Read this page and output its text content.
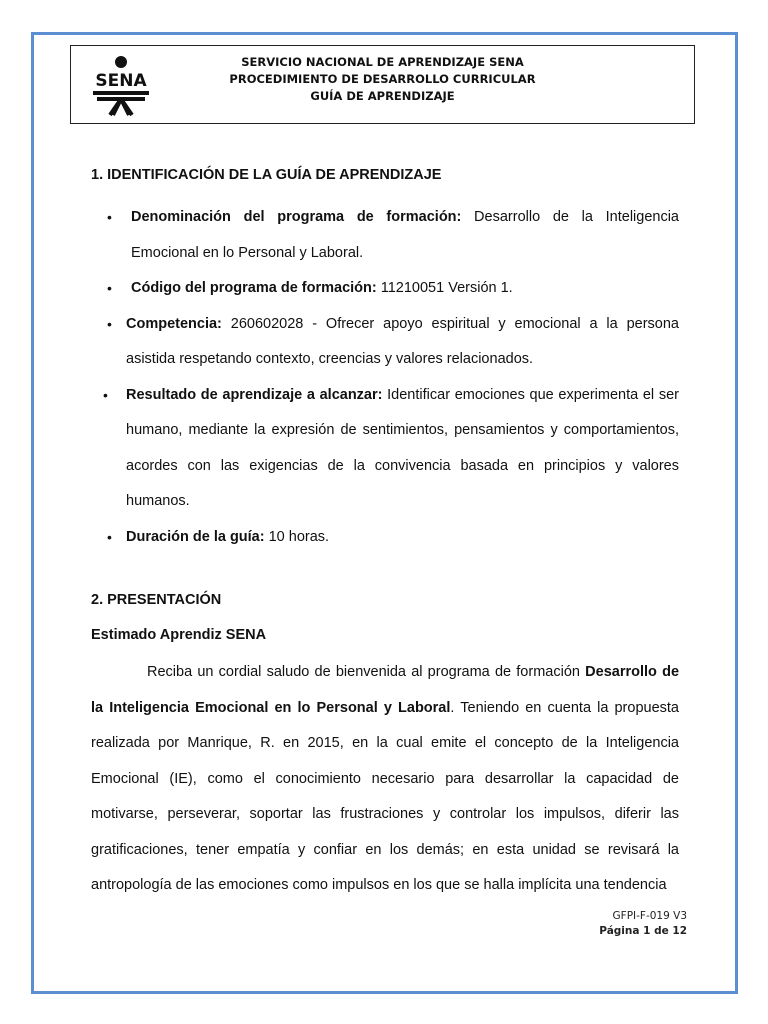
SENA
SERVICIO NACIONAL DE APRENDIZAJE SENA
PROCEDIMIENTO DE DESARROLLO CURRICULAR
GUÍA DE APRENDIZAJE
1. IDENTIFICACIÓN DE LA GUÍA DE APRENDIZAJE
• Denominación del programa de formación: Desarrollo de la Inteligencia Emocional en lo Personal y Laboral.
• Código del programa de formación: 11210051 Versión 1.
• Competencia: 260602028 - Ofrecer apoyo espiritual y emocional a la persona asistida respetando contexto, creencias y valores relacionados.
• Resultado de aprendizaje a alcanzar: Identificar emociones que experimenta el ser humano, mediante la expresión de sentimientos, pensamientos y comportamientos, acordes con las exigencias de la convivencia basada en principios y valores humanos.
• Duración de la guía: 10 horas.
2. PRESENTACIÓN
Estimado Aprendiz SENA

Reciba un cordial saludo de bienvenida al programa de formación Desarrollo de la Inteligencia Emocional en lo Personal y Laboral. Teniendo en cuenta la propuesta realizada por Manrique, R. en 2015, en la cual emite el concepto de la Inteligencia Emocional (IE), como el conocimiento necesario para desarrollar la capacidad de motivarse, perseverar, soportar las frustraciones y controlar los impulsos, diferir las gratificaciones, tener empatía y confiar en los demás; en esta unidad se revisará la antropología de las emociones como impulsos en los que se halla implícita una tendencia

GFPI-F-019 V3
Página 1 de 12
